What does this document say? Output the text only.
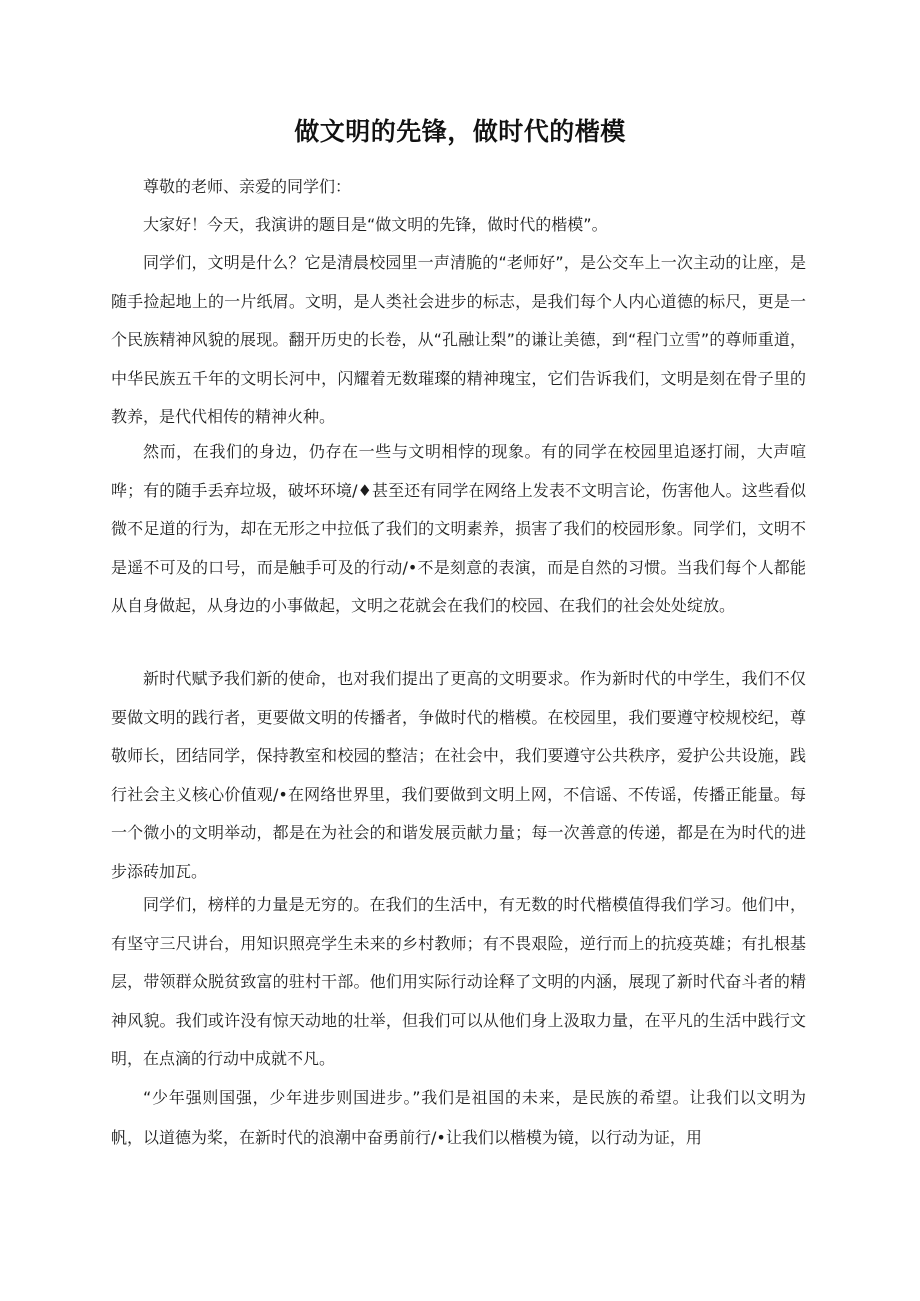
做文明的先锋，做时代的楷模

尊敬的老师、亲爱的同学们：

大家好！今天，我演讲的题目是“做文明的先锋，做时代的楷模”。

同学们，文明是什么？它是清晨校园里一声清脆的“老师好”，是公交车上一次主动的让座，是随手捡起地上的一片纸屑。文明，是人类社会进步的标志，是我们每个人内心道德的标尺，更是一个民族精神风貌的展现。翻开历史的长卷，从“孔融让梨”的谦让美德，到“程门立雪”的尊师重道，中华民族五千年的文明长河中，闪耀着无数璀璨的精神瑰宝，它们告诉我们，文明是刻在骨子里的教养，是代代相传的精神火种。

然而，在我们的身边，仍存在一些与文明相悖的现象。有的同学在校园里追逐打闹，大声喧哗；有的随手丢弃垃圾，破坏环境/♦甚至还有同学在网络上发表不文明言论，伤害他人。这些看似微不足道的行为，却在无形之中拉低了我们的文明素养，损害了我们的校园形象。同学们，文明不是遥不可及的口号，而是触手可及的行动/•不是刻意的表演，而是自然的习惯。当我们每个人都能从自身做起，从身边的小事做起，文明之花就会在我们的校园、在我们的社会处处绽放。

新时代赋予我们新的使命，也对我们提出了更高的文明要求。作为新时代的中学生，我们不仅要做文明的践行者，更要做文明的传播者，争做时代的楷模。在校园里，我们要遵守校规校纪，尊敬师长，团结同学，保持教室和校园的整洁；在社会中，我们要遵守公共秩序，爱护公共设施，践行社会主义核心价值观/•在网络世界里，我们要做到文明上网，不信谣、不传谣，传播正能量。每一个微小的文明举动，都是在为社会的和谐发展贡献力量；每一次善意的传递，都是在为时代的进步添砖加瓦。

同学们，榜样的力量是无穷的。在我们的生活中，有无数的时代楷模值得我们学习。他们中，有坚守三尺讲台，用知识照亮学生未来的乡村教师；有不畏艰险，逆行而上的抗疫英雄；有扎根基层，带领群众脱贫致富的驻村干部。他们用实际行动诠释了文明的内涵，展现了新时代奋斗者的精神风貌。我们或许没有惊天动地的壮举，但我们可以从他们身上汲取力量，在平凡的生活中践行文明，在点滴的行动中成就不凡。

“少年强则国强，少年进步则国进步。”我们是祖国的未来，是民族的希望。让我们以文明为帆，以道德为桨，在新时代的浪潮中奋勇前行/•让我们以楷模为镜，以行动为证，用
